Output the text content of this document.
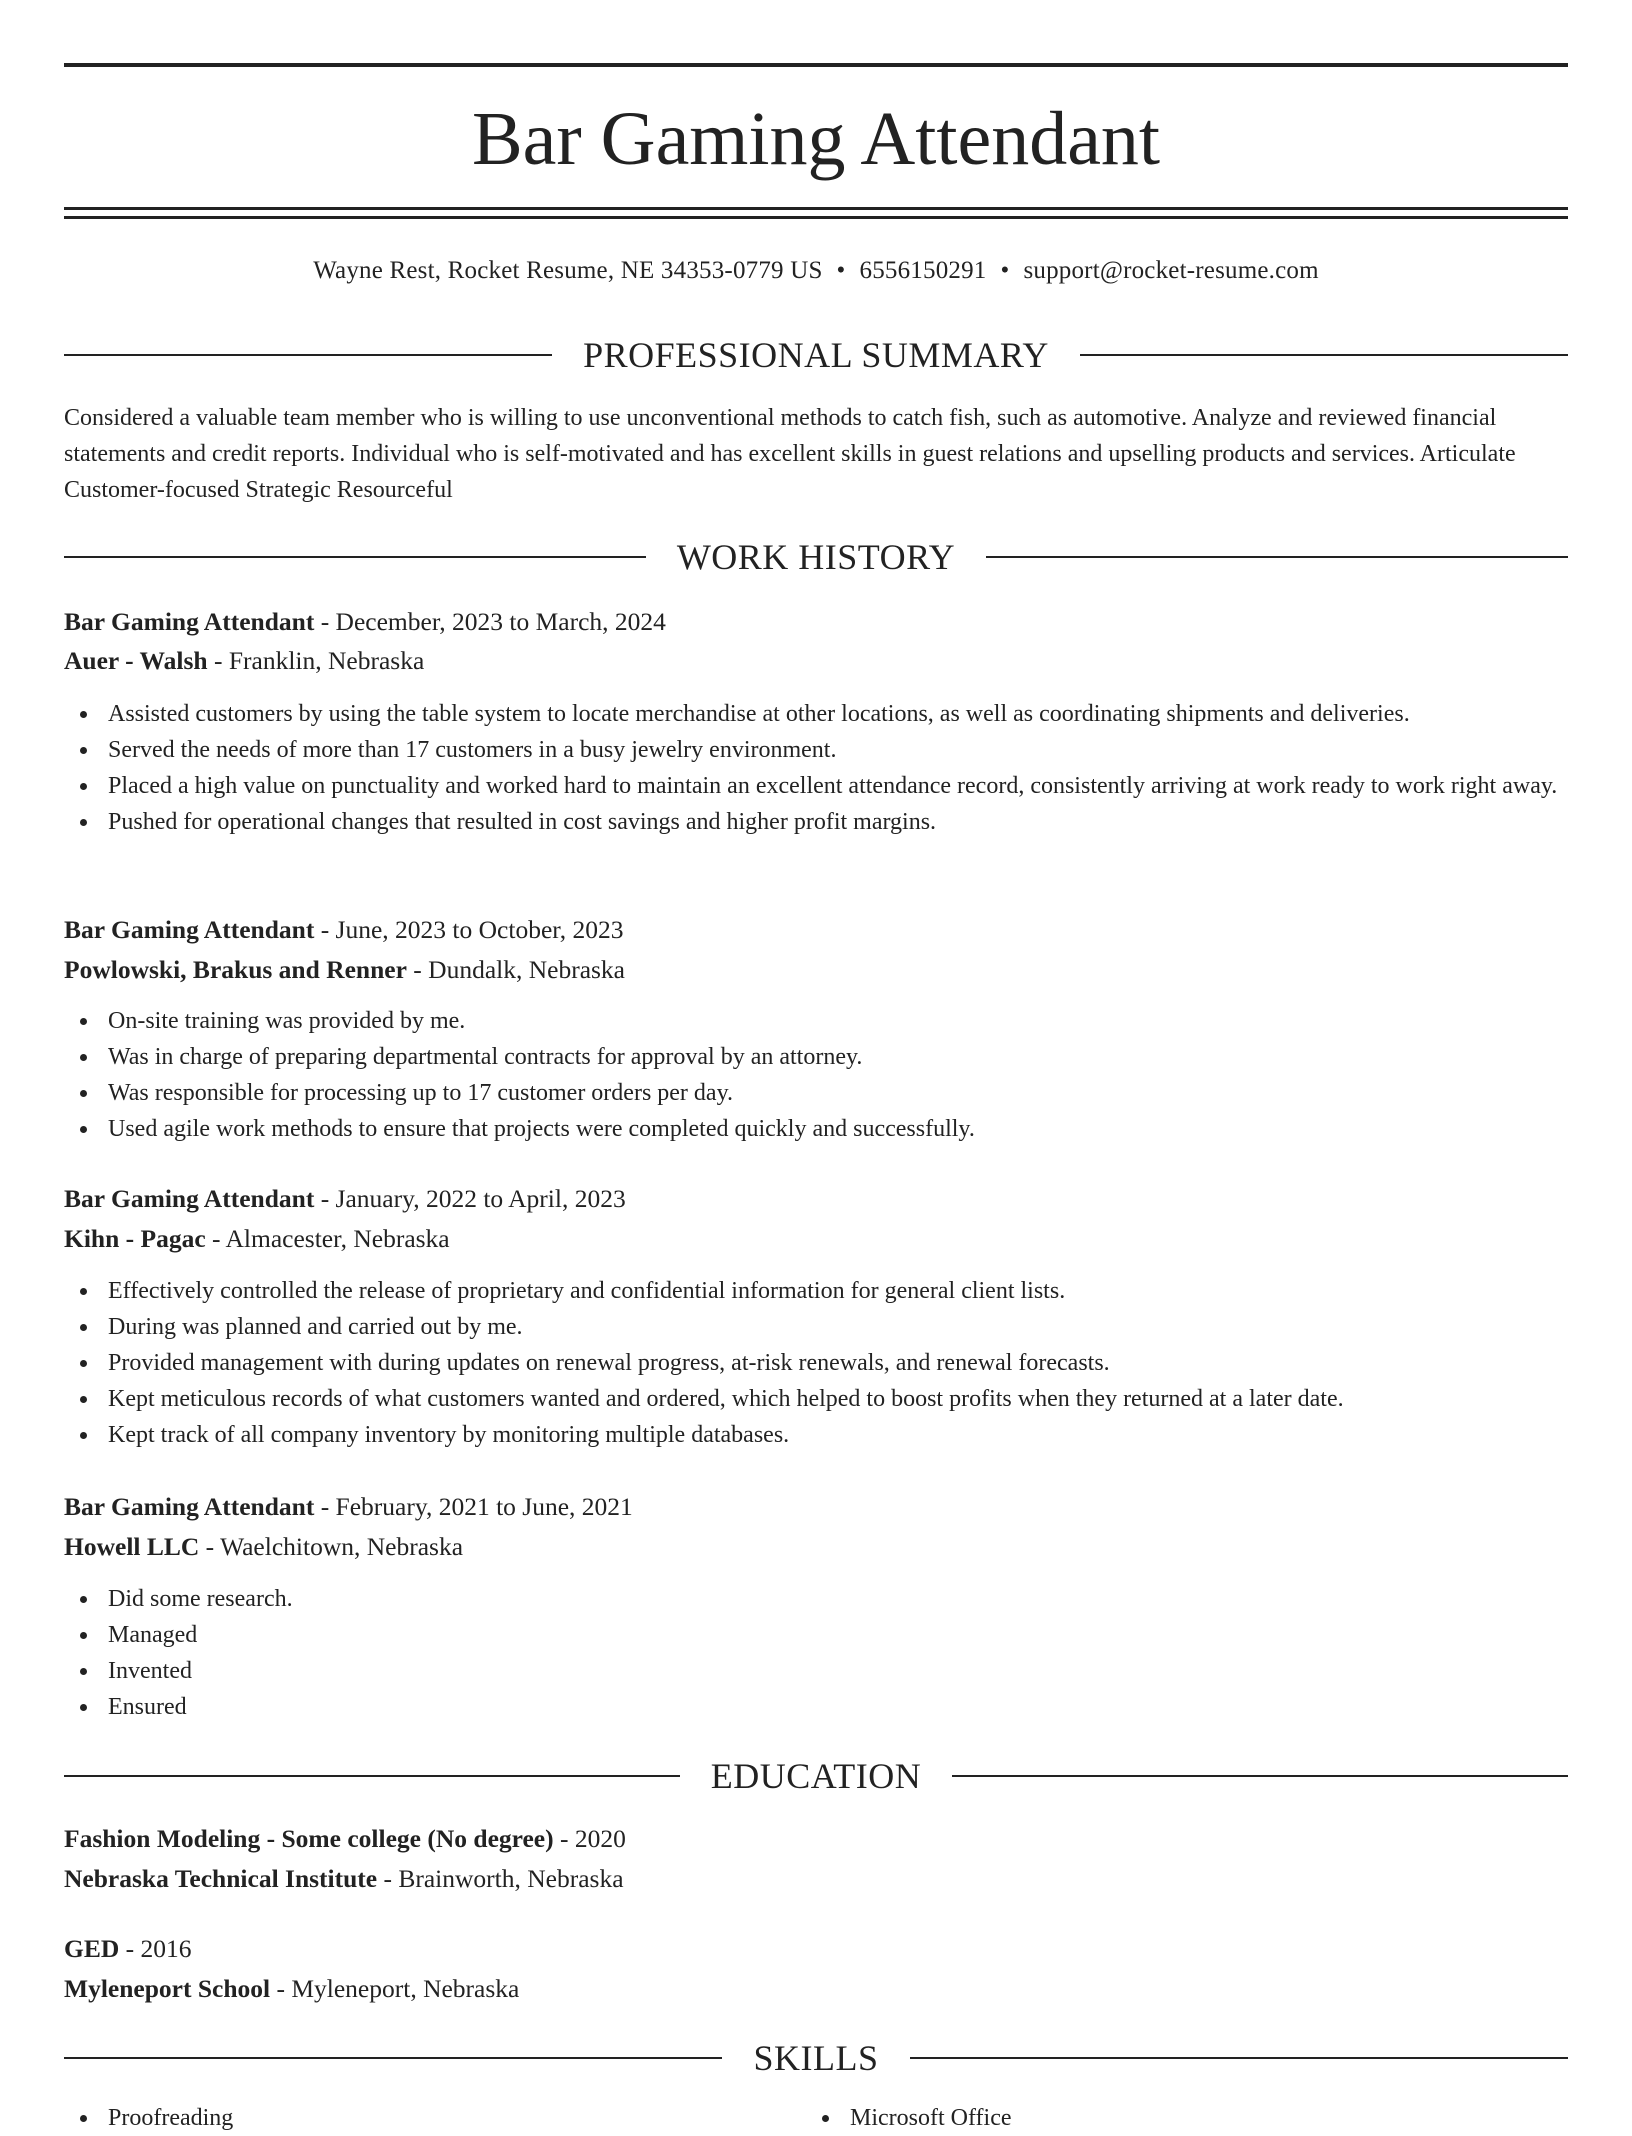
Bar Gaming Attendant
Wayne Rest, Rocket Resume, NE 34353-0779 US • 6556150291 • support@rocket-resume.com
PROFESSIONAL SUMMARY

Considered a valuable team member who is willing to use unconventional methods to catch fish, such as automotive. Analyze and reviewed financial statements and credit reports. Individual who is self-motivated and has excellent skills in guest relations and upselling products and services. Articulate Customer-focused Strategic Resourceful

WORK HISTORY
Bar Gaming Attendant - December, 2023 to March, 2024
Auer - Walsh - Franklin, Nebraska
Assisted customers by using the table system to locate merchandise at other locations, as well as coordinating shipments and deliveries.
Served the needs of more than 17 customers in a busy jewelry environment.
Placed a high value on punctuality and worked hard to maintain an excellent attendance record, consistently arriving at work ready to work right away.
Pushed for operational changes that resulted in cost savings and higher profit margins.
Bar Gaming Attendant - June, 2023 to October, 2023
Powlowski, Brakus and Renner - Dundalk, Nebraska
On-site training was provided by me.
Was in charge of preparing departmental contracts for approval by an attorney.
Was responsible for processing up to 17 customer orders per day.
Used agile work methods to ensure that projects were completed quickly and successfully.
Bar Gaming Attendant - January, 2022 to April, 2023
Kihn - Pagac - Almacester, Nebraska
Effectively controlled the release of proprietary and confidential information for general client lists.
During was planned and carried out by me.
Provided management with during updates on renewal progress, at-risk renewals, and renewal forecasts.
Kept meticulous records of what customers wanted and ordered, which helped to boost profits when they returned at a later date.
Kept track of all company inventory by monitoring multiple databases.
Bar Gaming Attendant - February, 2021 to June, 2021
Howell LLC - Waelchitown, Nebraska
Did some research.
Managed
Invented
Ensured
EDUCATION
Fashion Modeling - Some college (No degree) - 2020
Nebraska Technical Institute - Brainworth, Nebraska
GED - 2016
Myleneport School - Myleneport, Nebraska
SKILLS
Proofreading	Microsoft Office
